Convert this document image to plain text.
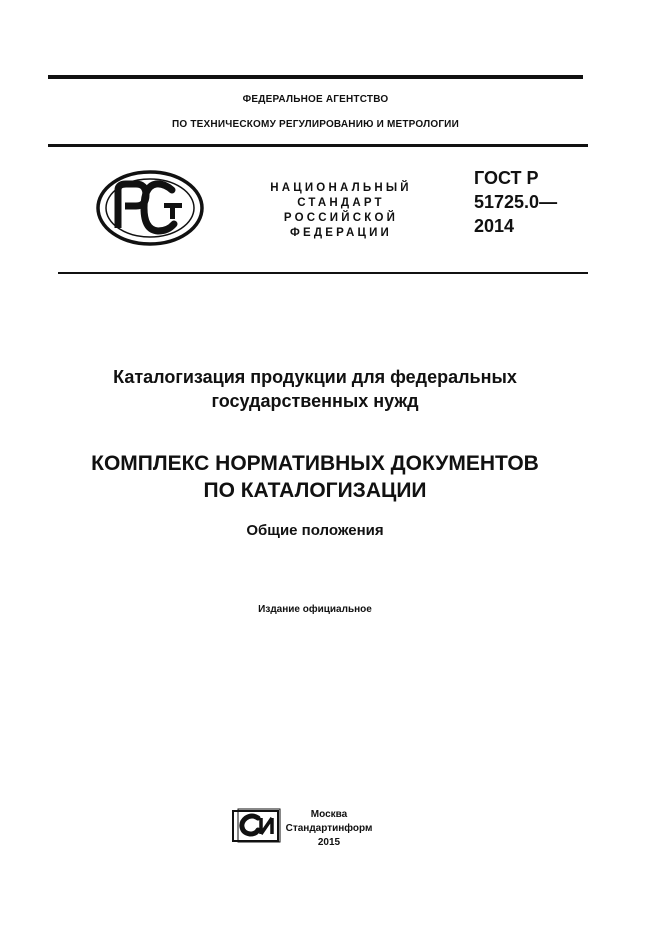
ФЕДЕРАЛЬНОЕ АГЕНТСТВО
ПО ТЕХНИЧЕСКОМУ РЕГУЛИРОВАНИЮ И МЕТРОЛОГИИ
НАЦИОНАЛЬНЫЙ
СТАНДАРТ
РОССИЙСКОЙ
ФЕДЕРАЦИИ
ГОСТ Р
51725.0—
2014
Каталогизация продукции для федеральных
государственных нужд
КОМПЛЕКС НОРМАТИВНЫХ ДОКУМЕНТОВ
ПО КАТАЛОГИЗАЦИИ
Общие положения
Издание официальное
Москва
Стандартинформ
2015
